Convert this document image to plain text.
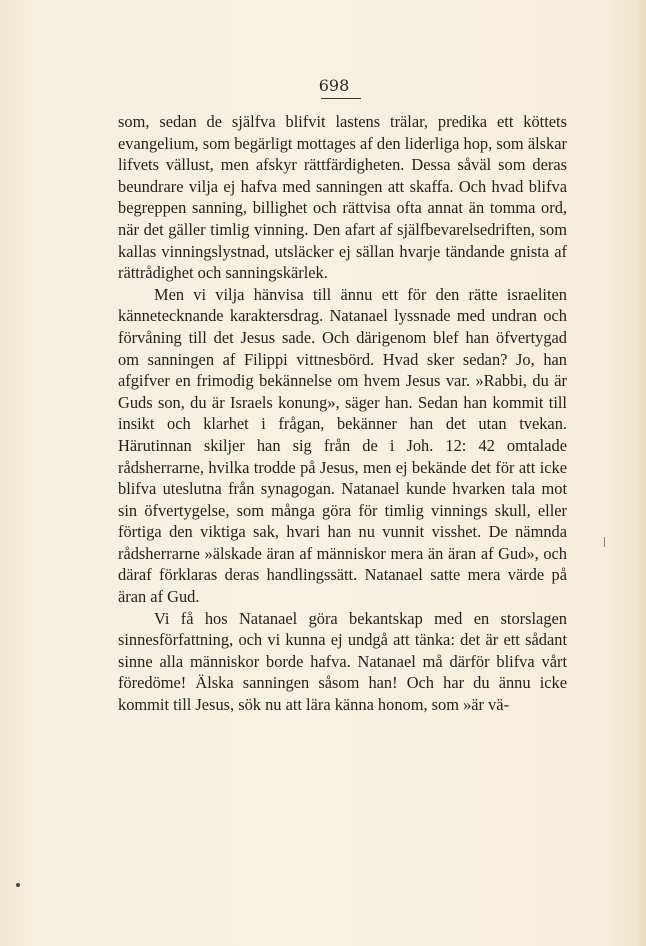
698

som, sedan de själfva blifvit lastens trälar, predika ett köttets evangelium, som begärligt mottages af den liderliga hop, som älskar lifvets vällust, men afskyr rättfärdigheten. Dessa såväl som deras beundrare vilja ej hafva med sanningen att skaffa. Och hvad blifva begreppen sanning, billighet och rättvisa ofta annat än tomma ord, när det gäller timlig vinning. Den afart af själfbevarelsedriften, som kallas vinningslystnad, utsläcker ej sällan hvarje tändande gnista af rättrådighet och sanningskärlek.

Men vi vilja hänvisa till ännu ett för den rätte israeliten kännetecknande karaktersdrag. Natanael lyssnade med undran och förvåning till det Jesus sade. Och därigenom blef han öfvertygad om sanningen af Filippi vittnesbörd. Hvad sker sedan? Jo, han afgifver en frimodig bekännelse om hvem Jesus var. »Rabbi, du är Guds son, du är Israels konung», säger han. Sedan han kommit till insikt och klarhet i frågan, bekänner han det utan tvekan. Härutinnan skiljer han sig från de i Joh. 12: 42 omtalade rådsherrarne, hvilka trodde på Jesus, men ej bekände det för att icke blifva uteslutna från synagogan. Natanael kunde hvarken tala mot sin öfvertygelse, som många göra för timlig vinnings skull, eller förtiga den viktiga sak, hvari han nu vunnit visshet. De nämnda rådsherrarne »älskade äran af människor mera än äran af Gud», och däraf förklaras deras handlingssätt. Natanael satte mera värde på äran af Gud.

Vi få hos Natanael göra bekantskap med en storslagen sinnesförfattning, och vi kunna ej undgå att tänka: det är ett sådant sinne alla människor borde hafva. Natanael må därför blifva vårt föredöme! Älska sanningen såsom han! Och har du ännu icke kommit till Jesus, sök nu att lära känna honom, som »är vä-
